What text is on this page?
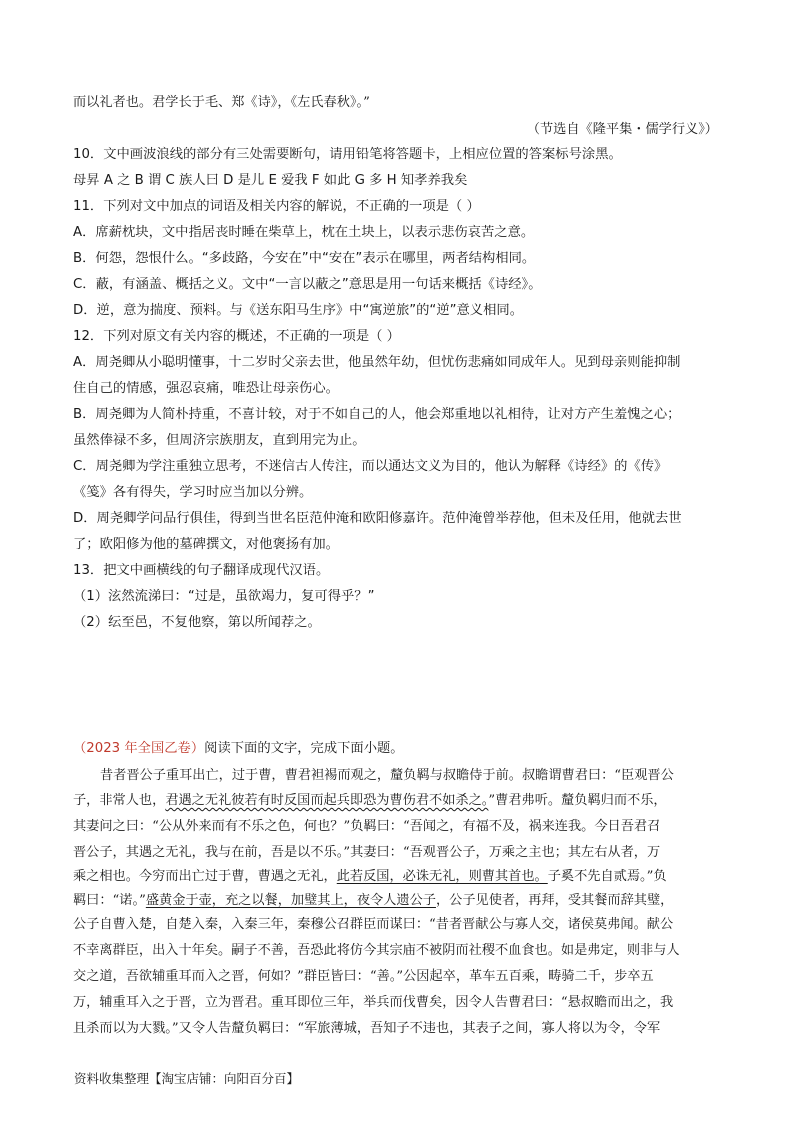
而以礼者也。君学长于毛、郑《诗》，《左氏春秋》。”
（节选自《隆平集・儒学行义》）
10．文中画波浪线的部分有三处需要断句，请用铅笔将答题卡，上相应位置的答案标号涂黑。
母昇 A 之 B 谓 C 族人曰 D 是儿 E 爱我 F 如此 G 多 H 知孝养我矣
11．下列对文中加点的词语及相关内容的解说，不正确的一项是（ ）
A．席薪枕块，文中指居丧时睡在柴草上，枕在土块上，以表示悲伤哀苦之意。
B．何怨，怨恨什么。“多歧路，今安在”中“安在”表示在哪里，两者结构相同。
C．蔽，有涵盖、概括之义。文中“一言以蔽之”意思是用一句话来概括《诗经》。
D．逆，意为揣度、预料。与《送东阳马生序》中“寓逆旅”的“逆”意义相同。
12．下列对原文有关内容的概述，不正确的一项是（ ）
A．周尧卿从小聪明懂事，十二岁时父亲去世，他虽然年幼，但忧伤悲痛如同成年人。见到母亲则能抑制
住自己的情感，强忍哀痛，唯恐让母亲伤心。
B．周尧卿为人简朴持重，不喜计较，对于不如自己的人，他会郑重地以礼相待，让对方产生羞愧之心；
虽然俸禄不多，但周济宗族朋友，直到用完为止。
C．周尧卿为学注重独立思考，不迷信古人传注，而以通达文义为目的，他认为解释《诗经》的《传》
《笺》各有得失，学习时应当加以分辨。
D．周尧卿学问品行俱佳，得到当世名臣范仲淹和欧阳修嘉许。范仲淹曾举荐他，但未及任用，他就去世
了；欧阳修为他的墓碑撰文，对他褒扬有加。
13．把文中画横线的句子翻译成现代汉语。
（1）泫然流涕曰：“过是，虽欲竭力，复可得乎？”
（2）纭至邑，不复他察，第以所闻荐之。
（2023 年全国乙卷）阅读下面的文字，完成下面小题。
昔者晋公子重耳出亡，过于曹，曹君袒裼而观之，釐负羁与叔瞻侍于前。叔瞻谓曹君曰：“臣观晋公
子，非常人也，君遇之无礼彼若有时反国而起兵即恐为曹伤君不如杀之。”曹君弗听。釐负羁归而不乐，
其妻问之曰：“公从外来而有不乐之色，何也？”负羁曰：“吾闻之，有福不及，祸来连我。今日吾君召
晋公子，其遇之无礼，我与在前，吾是以不乐。”其妻曰：“吾观晋公子，万乘之主也；其左右从者，万
乘之相也。今穷而出亡过于曹，曹遇之无礼，此若反国，必诛无礼，则曹其首也。子奚不先自贰焉。”负
羁曰：“诺。”盛黄金于壶，充之以餐，加璧其上，夜令人遗公子，公子见使者，再拜，受其餐而辞其璧，
公子自曹入楚，自楚入秦，入秦三年，秦穆公召群臣而谋曰：“昔者晋献公与寡人交，诸侯莫弗闻。献公
不幸离群臣，出入十年矣。嗣子不善，吾恐此将仿今其宗庙不被阴而社稷不血食也。如是弗定，则非与人
交之道，吾欲辅重耳而入之晋，何如？”群臣皆曰：“善。”公因起卒，革车五百乘，畴骑二千，步卒五
万，辅重耳入之于晋，立为晋君。重耳即位三年，举兵而伐曹矣，因令人告曹君曰：“悬叔瞻而出之，我
且杀而以为大戮。”又令人告釐负羁曰：“军旅薄城，吾知子不违也，其表子之间，寡人将以为令，令军
资料收集整理【淘宝店铺：向阳百分百】
